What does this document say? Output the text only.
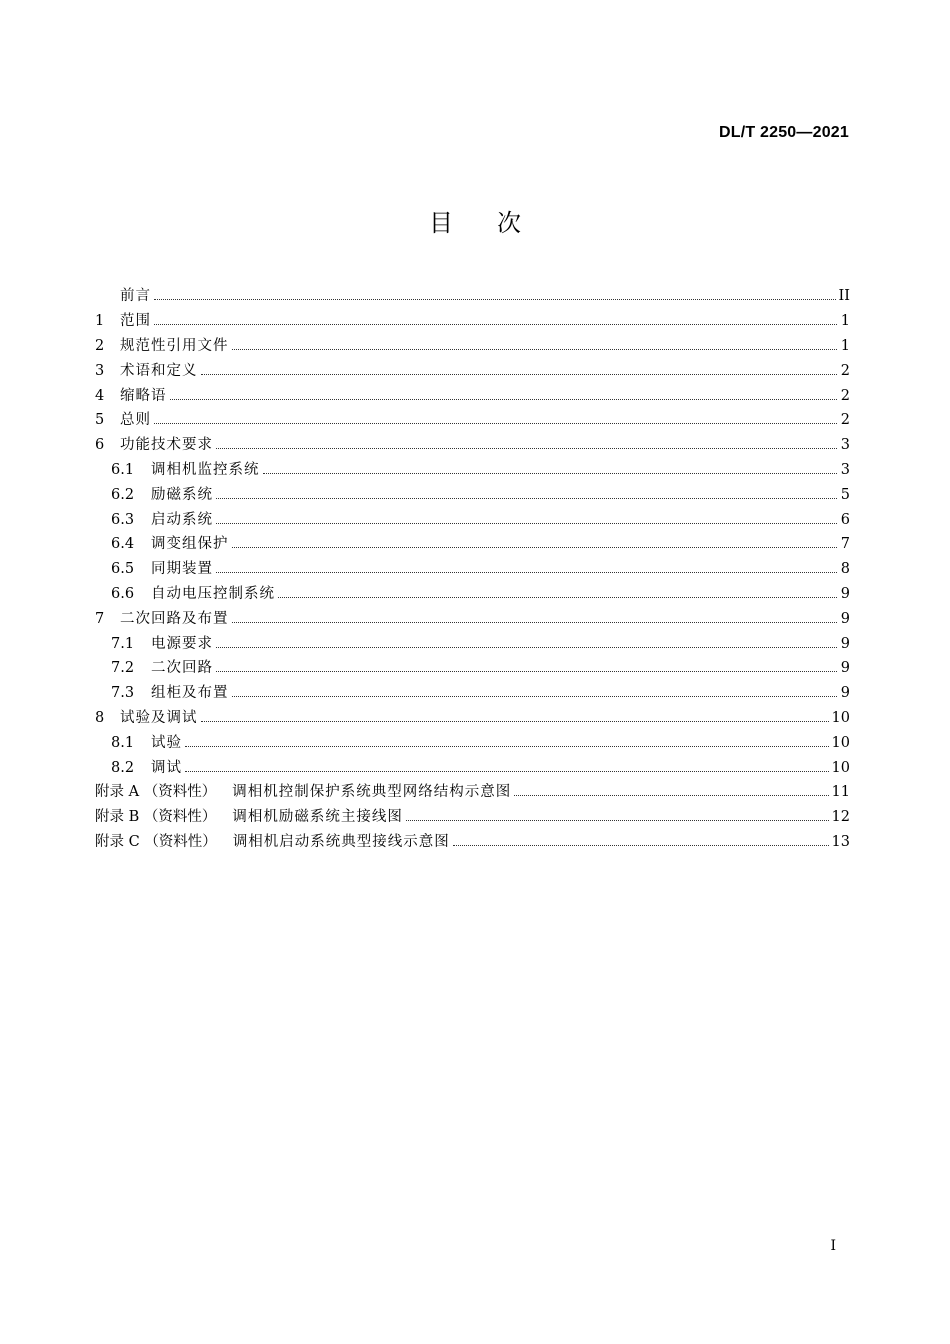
DL/T 2250—2021
目 次
前言	II
1	范围	1
2	规范性引用文件	1
3	术语和定义	2
4	缩略语	2
5	总则	2
6	功能技术要求	3
6.1	调相机监控系统	3
6.2	励磁系统	5
6.3	启动系统	6
6.4	调变组保护	7
6.5	同期装置	8
6.6	自动电压控制系统	9
7	二次回路及布置	9
7.1	电源要求	9
7.2	二次回路	9
7.3	组柜及布置	9
8	试验及调试	10
8.1	试验	10
8.2	调试	10
附录 A （资料性） 调相机控制保护系统典型网络结构示意图	11
附录 B （资料性） 调相机励磁系统主接线图	12
附录 C （资料性） 调相机启动系统典型接线示意图	13
I
